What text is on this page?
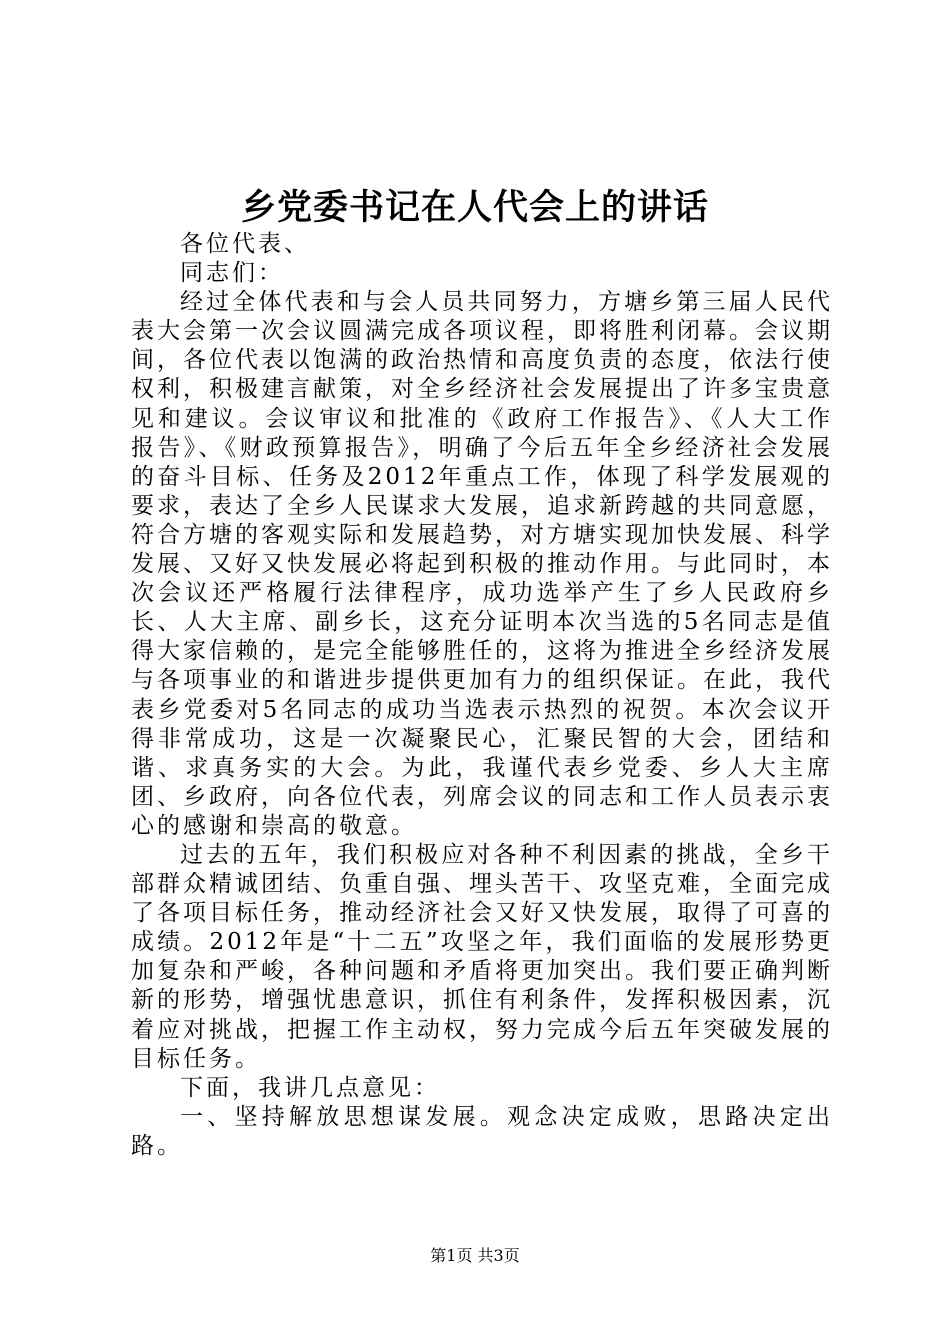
乡党委书记在人代会上的讲话

各位代表、

同志们：

经过全体代表和与会人员共同努力，方塘乡第三届人民代表大会第一次会议圆满完成各项议程，即将胜利闭幕。会议期间，各位代表以饱满的政治热情和高度负责的态度，依法行使权利，积极建言献策，对全乡经济社会发展提出了许多宝贵意见和建议。会议审议和批准的《政府工作报告》、《人大工作报告》、《财政预算报告》，明确了今后五年全乡经济社会发展的奋斗目标、任务及2012年重点工作，体现了科学发展观的要求，表达了全乡人民谋求大发展，追求新跨越的共同意愿，符合方塘的客观实际和发展趋势，对方塘实现加快发展、科学发展、又好又快发展必将起到积极的推动作用。与此同时，本次会议还严格履行法律程序，成功选举产生了乡人民政府乡长、人大主席、副乡长，这充分证明本次当选的5名同志是值得大家信赖的，是完全能够胜任的，这将为推进全乡经济发展与各项事业的和谐进步提供更加有力的组织保证。在此，我代表乡党委对5名同志的成功当选表示热烈的祝贺。本次会议开得非常成功，这是一次凝聚民心，汇聚民智的大会，团结和谐、求真务实的大会。为此，我谨代表乡党委、乡人大主席团、乡政府，向各位代表，列席会议的同志和工作人员表示衷心的感谢和崇高的敬意。

过去的五年，我们积极应对各种不利因素的挑战，全乡干部群众精诚团结、负重自强、埋头苦干、攻坚克难，全面完成了各项目标任务，推动经济社会又好又快发展，取得了可喜的成绩。2012年是“十二五”攻坚之年，我们面临的发展形势更加复杂和严峻，各种问题和矛盾将更加突出。我们要正确判断新的形势，增强忧患意识，抓住有利条件，发挥积极因素，沉着应对挑战，把握工作主动权，努力完成今后五年突破发展的目标任务。

下面，我讲几点意见：

一、坚持解放思想谋发展。观念决定成败，思路决定出路。

第1页 共3页
